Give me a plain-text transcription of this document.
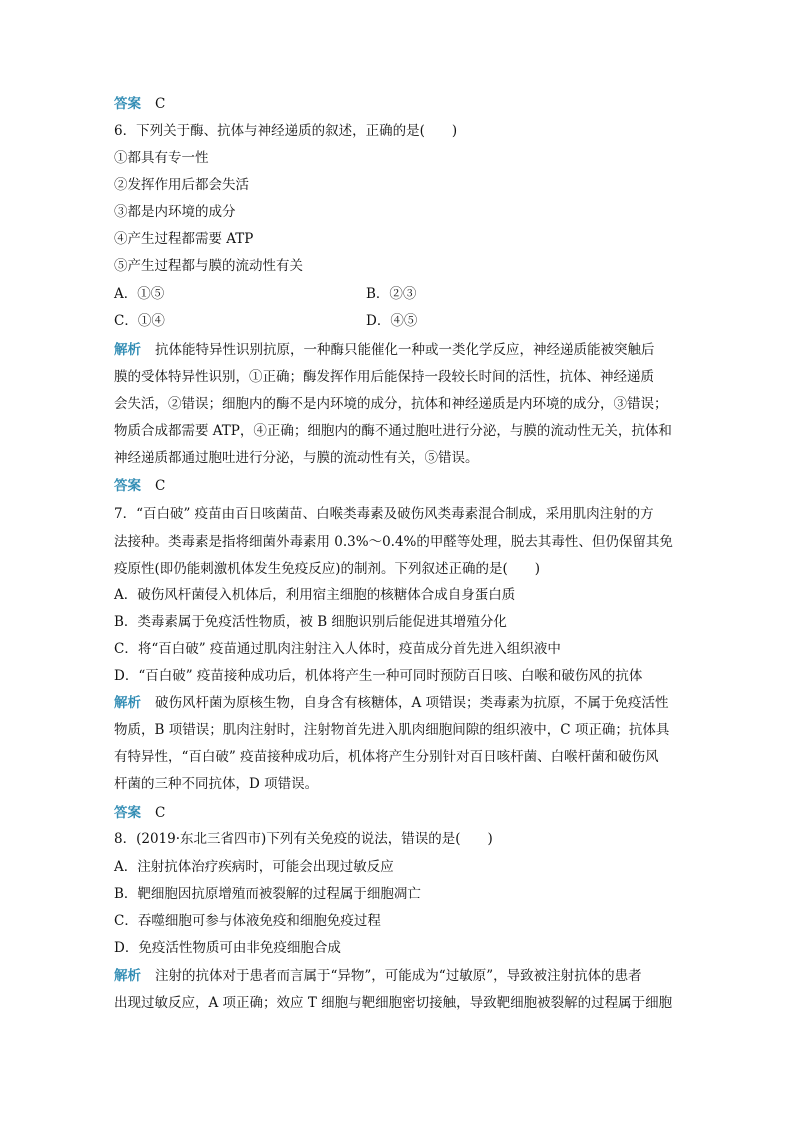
答案 C
6．下列关于酶、抗体与神经递质的叙述，正确的是(　　)
①都具有专一性
②发挥作用后都会失活
③都是内环境的成分
④产生过程都需要 ATP
⑤产生过程都与膜的流动性有关
A．①⑤	B．②③
C．①④	D．④⑤
解析 抗体能特异性识别抗原，一种酶只能催化一种或一类化学反应，神经递质能被突触后
膜的受体特异性识别，①正确；酶发挥作用后能保持一段较长时间的活性，抗体、神经递质
会失活，②错误；细胞内的酶不是内环境的成分，抗体和神经递质是内环境的成分，③错误；
物质合成都需要 ATP，④正确；细胞内的酶不通过胞吐进行分泌，与膜的流动性无关，抗体和
神经递质都通过胞吐进行分泌，与膜的流动性有关，⑤错误。
答案 C
7．“百白破” 疫苗由百日咳菌苗、白喉类毒素及破伤风类毒素混合制成，采用肌肉注射的方
法接种。类毒素是指将细菌外毒素用 0.3%～0.4%的甲醛等处理，脱去其毒性、但仍保留其免
疫原性(即仍能刺激机体发生免疫反应)的制剂。下列叙述正确的是(　　)
A．破伤风杆菌侵入机体后，利用宿主细胞的核糖体合成自身蛋白质
B．类毒素属于免疫活性物质，被 B 细胞识别后能促进其增殖分化
C．将“百白破” 疫苗通过肌肉注射注入人体时，疫苗成分首先进入组织液中
D．“百白破” 疫苗接种成功后，机体将产生一种可同时预防百日咳、白喉和破伤风的抗体
解析 破伤风杆菌为原核生物，自身含有核糖体，A 项错误；类毒素为抗原，不属于免疫活性
物质，B 项错误；肌肉注射时，注射物首先进入肌肉细胞间隙的组织液中，C 项正确；抗体具
有特异性，“百白破” 疫苗接种成功后，机体将产生分别针对百日咳杆菌、白喉杆菌和破伤风
杆菌的三种不同抗体，D 项错误。
答案 C
8．(2019·东北三省四市)下列有关免疫的说法，错误的是(　　)
A．注射抗体治疗疾病时，可能会出现过敏反应
B．靶细胞因抗原增殖而被裂解的过程属于细胞凋亡
C．吞噬细胞可参与体液免疫和细胞免疫过程
D．免疫活性物质可由非免疫细胞合成
解析 注射的抗体对于患者而言属于“异物”，可能成为“过敏原”，导致被注射抗体的患者
出现过敏反应，A 项正确；效应 T 细胞与靶细胞密切接触，导致靶细胞被裂解的过程属于细胞
